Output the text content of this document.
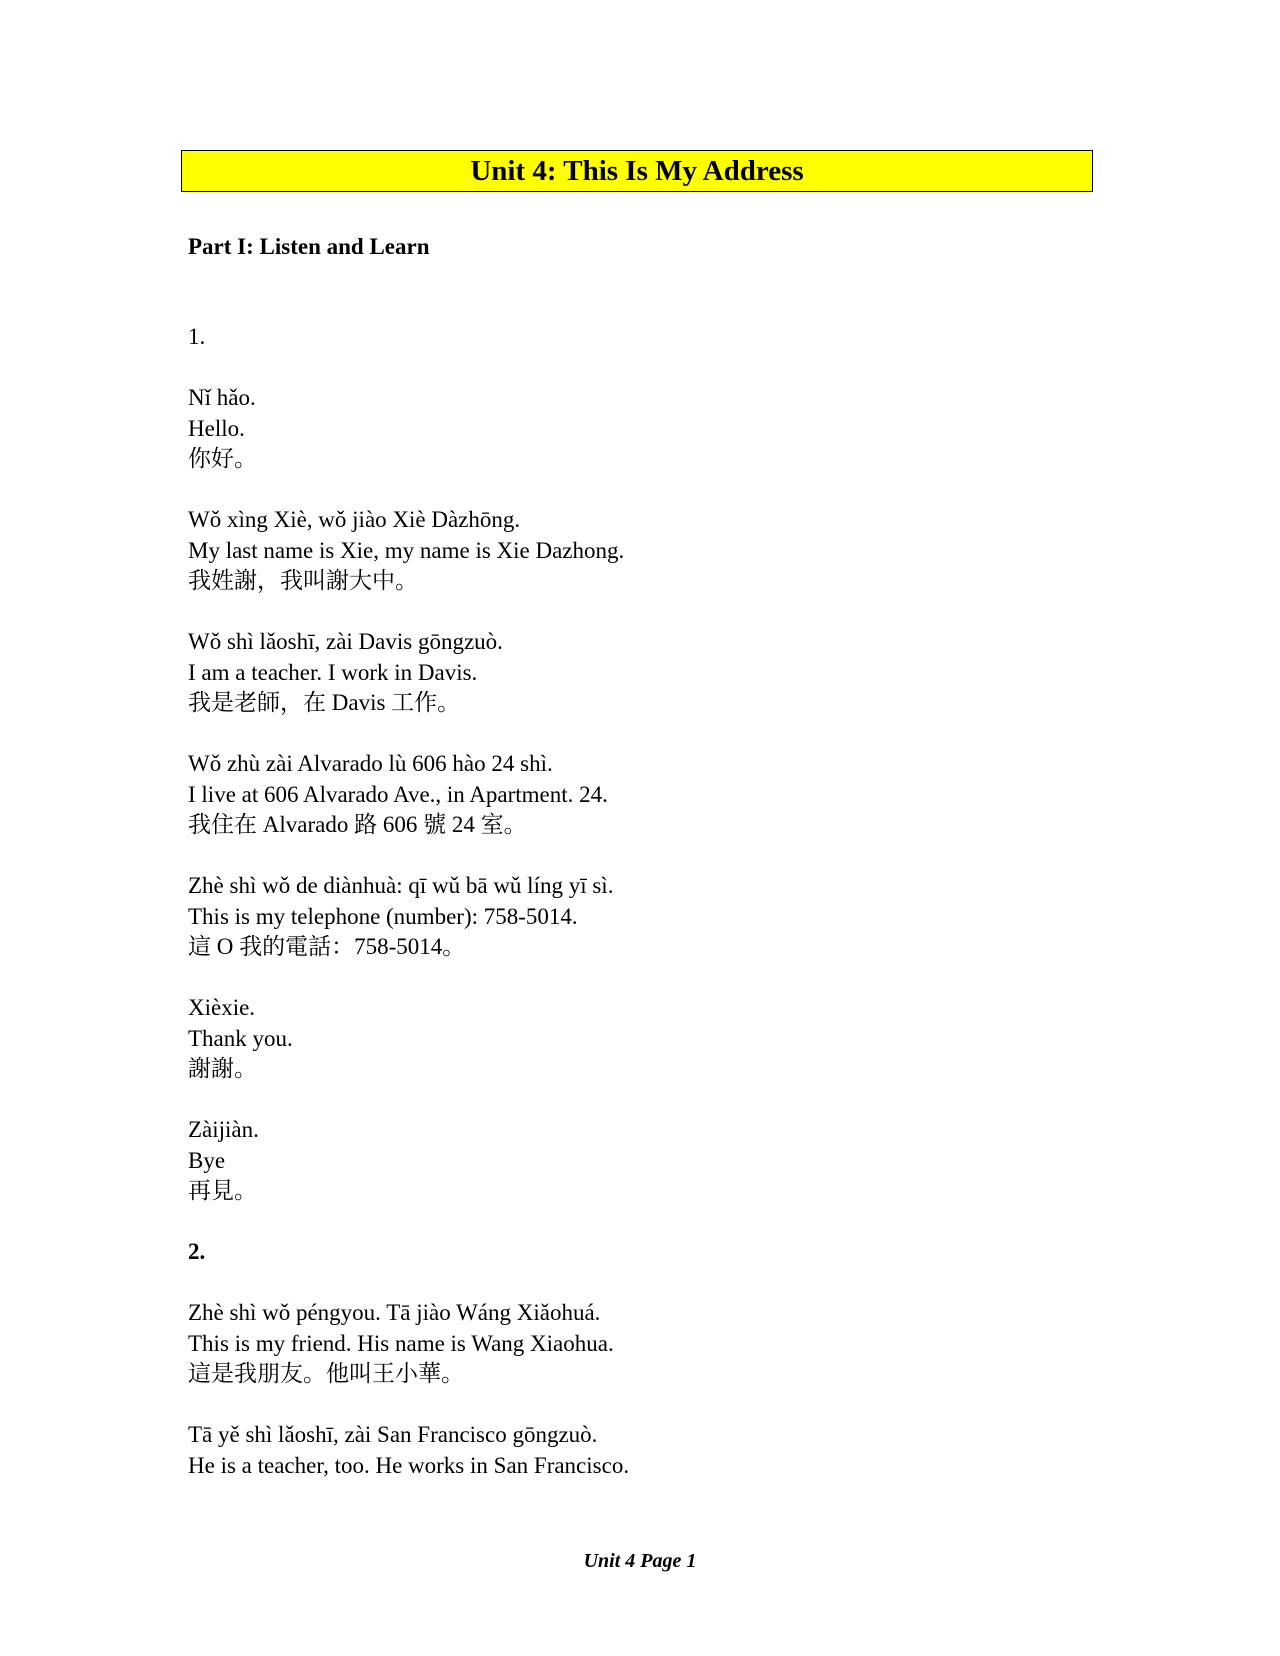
Unit 4: This Is My Address
Part I: Listen and Learn
1.
Nǐ hǎo.
Hello.
你好。
Wǒ xìng Xiè, wǒ jiào Xiè Dàzhōng.
My last name is Xie, my name is Xie Dazhong.
我姓謝，我叫謝大中。
Wǒ shì lǎoshī, zài Davis gōngzuò.
I am a teacher. I work in Davis.
我是老師，在 Davis 工作。
Wǒ zhù zài Alvarado lù 606 hào 24 shì.
I live at 606 Alvarado Ave., in Apartment. 24.
我住在 Alvarado 路 606 號 24 室。
Zhè shì wǒ de diànhuà: qī wǔ bā wǔ líng yī sì.
This is my telephone (number): 758-5014.
這 O 我的電話：758-5014。
Xièxie.
Thank you.
謝謝。
Zàijiàn.
Bye
再見。
2.
Zhè shì wǒ péngyou. Tā jiào Wáng Xiǎohuá.
This is my friend. His name is Wang Xiaohua.
這是我朋友。他叫王小華。
Tā yě shì lǎoshī, zài San Francisco gōngzuò.
He is a teacher, too. He works in San Francisco.
Unit 4 Page 1
